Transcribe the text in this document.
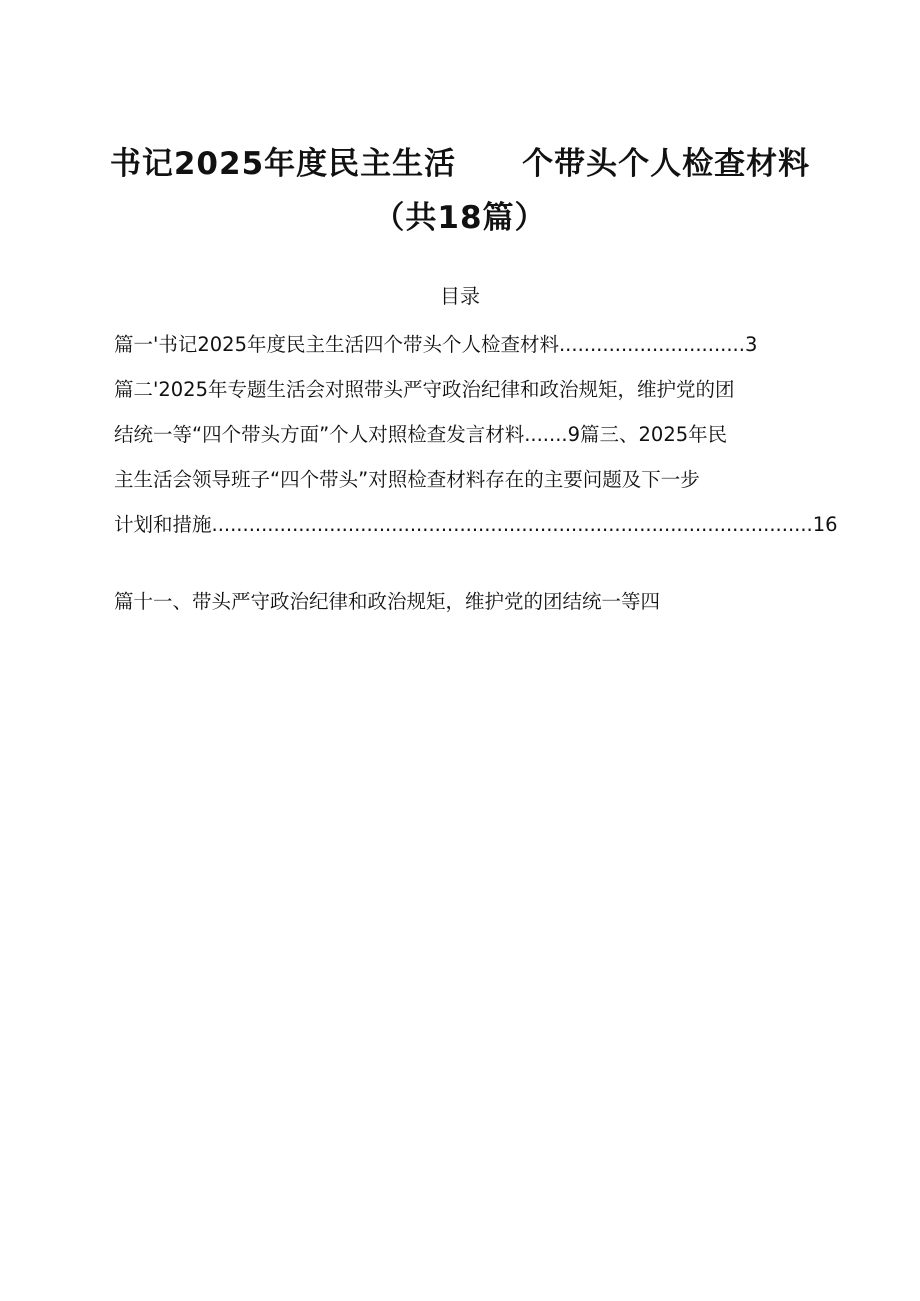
书记2025年度民主生活 个带头个人检查材料
（共18篇）
目录
篇一'书记2025年度民主生活四个带头个人检查材料..............................3
篇二'2025年专题生活会对照带头严守政治纪律和政治规矩，维护党的团
结统一等“四个带头方面”个人对照检查发言材料.......9篇三、2025年民
主生活会领导班子“四个带头”对照检查材料存在的主要问题及下一步
计划和措施.................................................................................................16
篇十一、带头严守政治纪律和政治规矩，维护党的团结统一等四
